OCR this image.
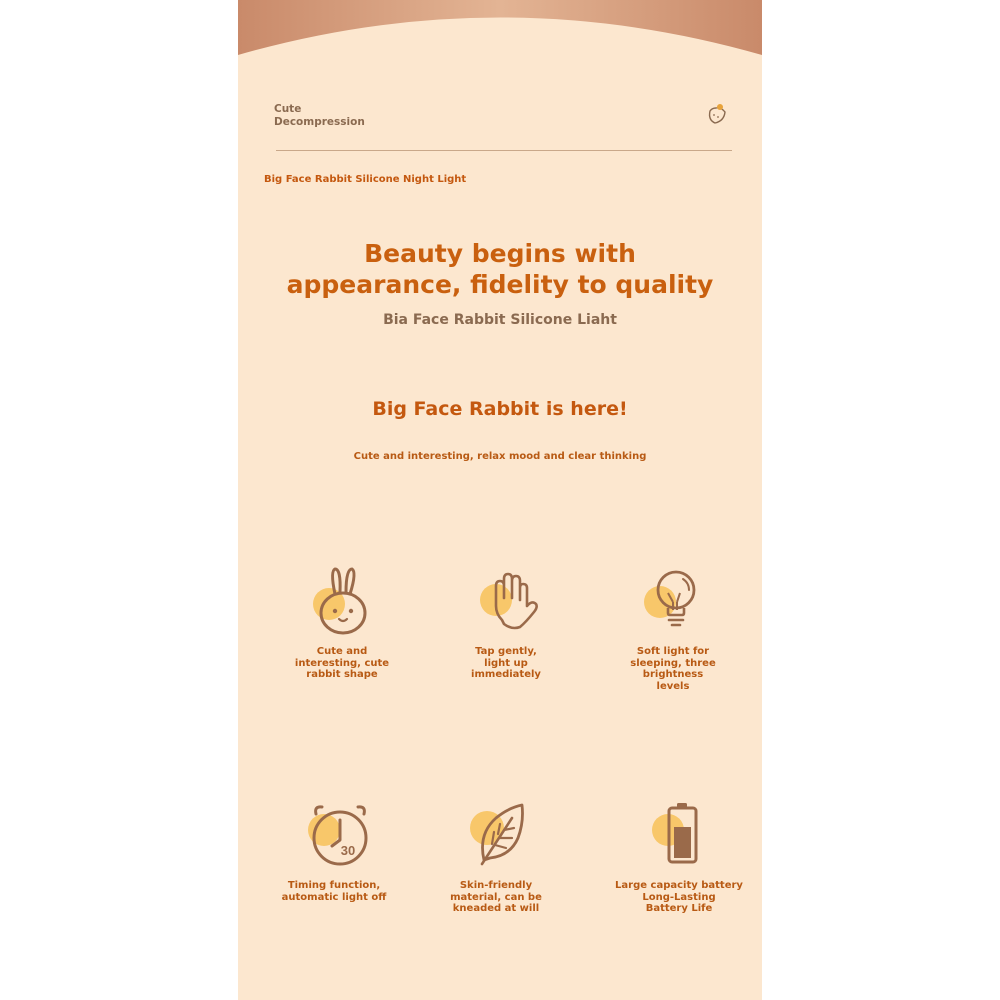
Cute
Decompression
Big Face Rabbit Silicone Night Light
Beauty begins with
appearance, fidelity to quality
Bia Face Rabbit Silicone Liaht
Big Face Rabbit is here!
Cute and interesting, relax mood and clear thinking
Cute and
interesting, cute
rabbit shape
Tap gently,
light up
immediately
Soft light for
sleeping, three
brightness
levels
30
Timing function,
automatic light off
Skin-friendly
material, can be
kneaded at will
Large capacity battery
Long-Lasting
Battery Life
